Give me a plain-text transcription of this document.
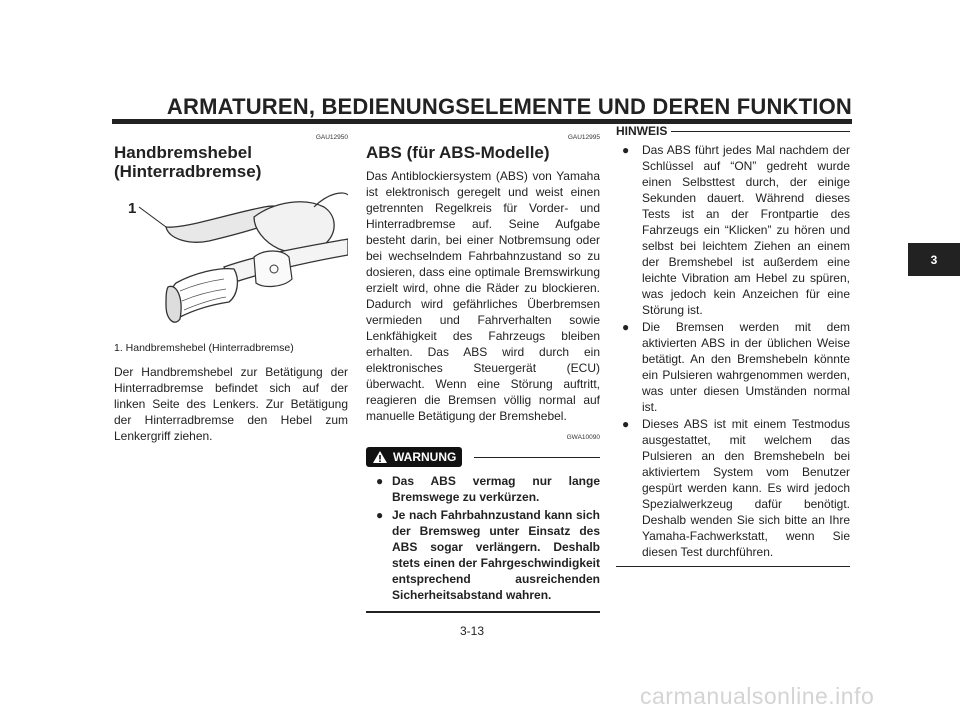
ARMATUREN, BEDIENUNGSELEMENTE UND DEREN FUNKTION
GAU12950
Handbremshebel (Hinterradbremse)
1
1. Handbremshebel (Hinterradbremse)

Der Handbremshebel zur Betätigung der Hinterradbremse befindet sich auf der linken Seite des Lenkers. Zur Betätigung der Hinterradbremse den Hebel zum Lenkergriff ziehen.

GAU12995
ABS (für ABS-Modelle)

Das Antiblockiersystem (ABS) von Yamaha ist elektronisch geregelt und weist einen getrennten Regelkreis für Vorder- und Hinterradbremse auf. Seine Aufgabe besteht darin, bei einer Notbremsung oder bei wechselndem Fahrbahnzustand so zu dosieren, dass eine optimale Bremswirkung erzielt wird, ohne die Räder zu blockieren. Dadurch wird gefährliches Überbremsen vermieden und Fahrverhalten sowie Lenkfähigkeit des Fahrzeugs bleiben erhalten. Das ABS wird durch ein elektronisches Steuergerät (ECU) überwacht. Wenn eine Störung auftritt, reagieren die Bremsen völlig normal auf manuelle Betätigung der Bremshebel.

GWA10090
WARNUNG
● Das ABS vermag nur lange Bremswege zu verkürzen.
● Je nach Fahrbahnzustand kann sich der Bremsweg unter Einsatz des ABS sogar verlängern. Deshalb stets einen der Fahrgeschwindigkeit entsprechend ausreichenden Sicherheitsabstand wahren.
HINWEIS
● Das ABS führt jedes Mal nachdem der Schlüssel auf “ON” gedreht wurde einen Selbsttest durch, der einige Sekunden dauert. Während dieses Tests ist an der Frontpartie des Fahrzeugs ein “Klicken” zu hören und selbst bei leichtem Ziehen an einem der Bremshebel ist außerdem eine leichte Vibration am Hebel zu spüren, was jedoch kein Anzeichen für eine Störung ist.
● Die Bremsen werden mit dem aktivierten ABS in der üblichen Weise betätigt. An den Bremshebeln könnte ein Pulsieren wahrgenommen werden, was unter diesen Umständen normal ist.
● Dieses ABS ist mit einem Testmodus ausgestattet, mit welchem das Pulsieren an den Bremshebeln bei aktiviertem System vom Benutzer gespürt werden kann. Es wird jedoch Spezialwerkzeug dafür benötigt. Deshalb wenden Sie sich bitte an Ihre Yamaha-Fachwerkstatt, wenn Sie diesen Test durchführen.
3-13
3
carmanualsonline.info
